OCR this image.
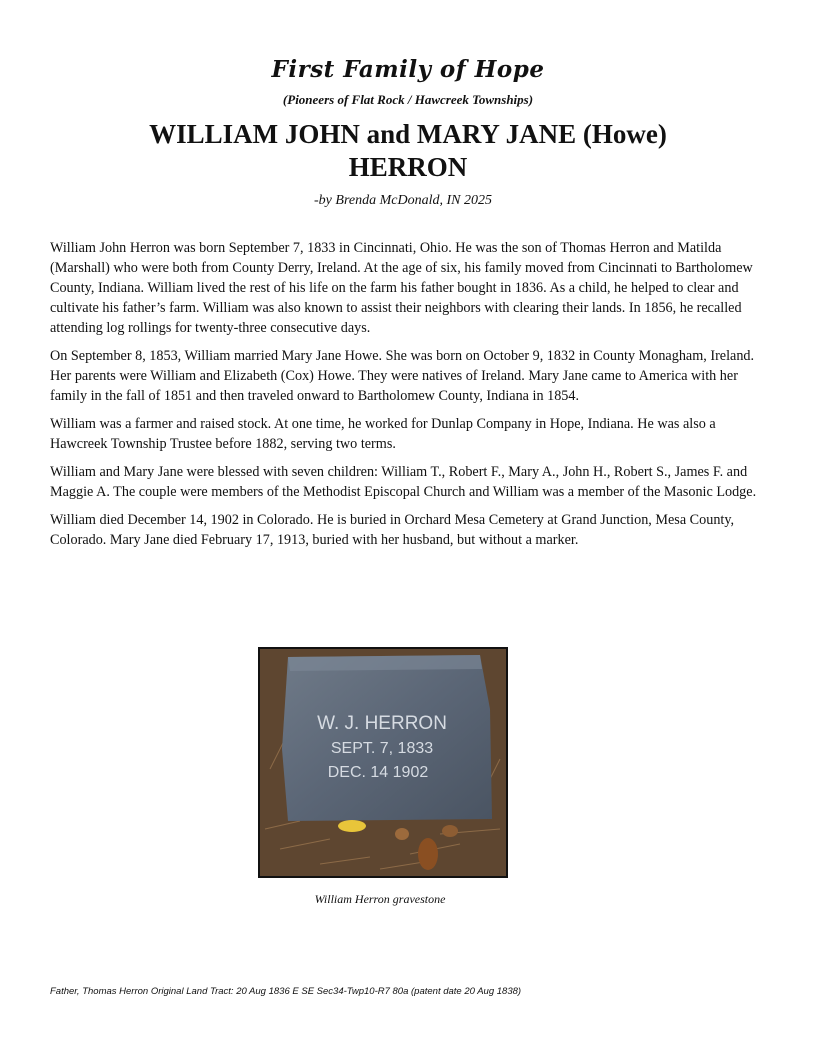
First Family of Hope
(Pioneers of Flat Rock / Hawcreek Townships)
WILLIAM JOHN and MARY JANE (Howe)
HERRON
-by Brenda McDonald, IN 2025

William John Herron was born September 7, 1833 in Cincinnati, Ohio. He was the son of Thomas Herron and Matilda (Marshall) who were both from County Derry, Ireland. At the age of six, his family moved from Cincinnati to Bartholomew County, Indiana. William lived the rest of his life on the farm his father bought in 1836. As a child, he helped to clear and cultivate his father’s farm. William was also known to assist their neighbors with clearing their lands. In 1856, he recalled attending log rollings for twenty-three consecutive days.

On September 8, 1853, William married Mary Jane Howe. She was born on October 9, 1832 in County Monagham, Ireland. Her parents were William and Elizabeth (Cox) Howe. They were natives of Ireland. Mary Jane came to America with her family in the fall of 1851 and then traveled onward to Bartholomew County, Indiana in 1854.

William was a farmer and raised stock. At one time, he worked for Dunlap Company in Hope, Indiana. He was also a Hawcreek Township Trustee before 1882, serving two terms.

William and Mary Jane were blessed with seven children: William T., Robert F., Mary A., John H., Robert S., James F. and Maggie A. The couple were members of the Methodist Episcopal Church and William was a member of the Masonic Lodge.

William died December 14, 1902 in Colorado. He is buried in Orchard Mesa Cemetery at Grand Junction, Mesa County, Colorado. Mary Jane died February 17, 1913, buried with her husband, but without a marker.

W. J. HERRON
SEPT. 7, 1833
DEC. 14 1902
William Herron gravestone
Father, Thomas Herron Original Land Tract: 20 Aug 1836 E SE Sec34-Twp10-R7 80a (patent date 20 Aug 1838)
